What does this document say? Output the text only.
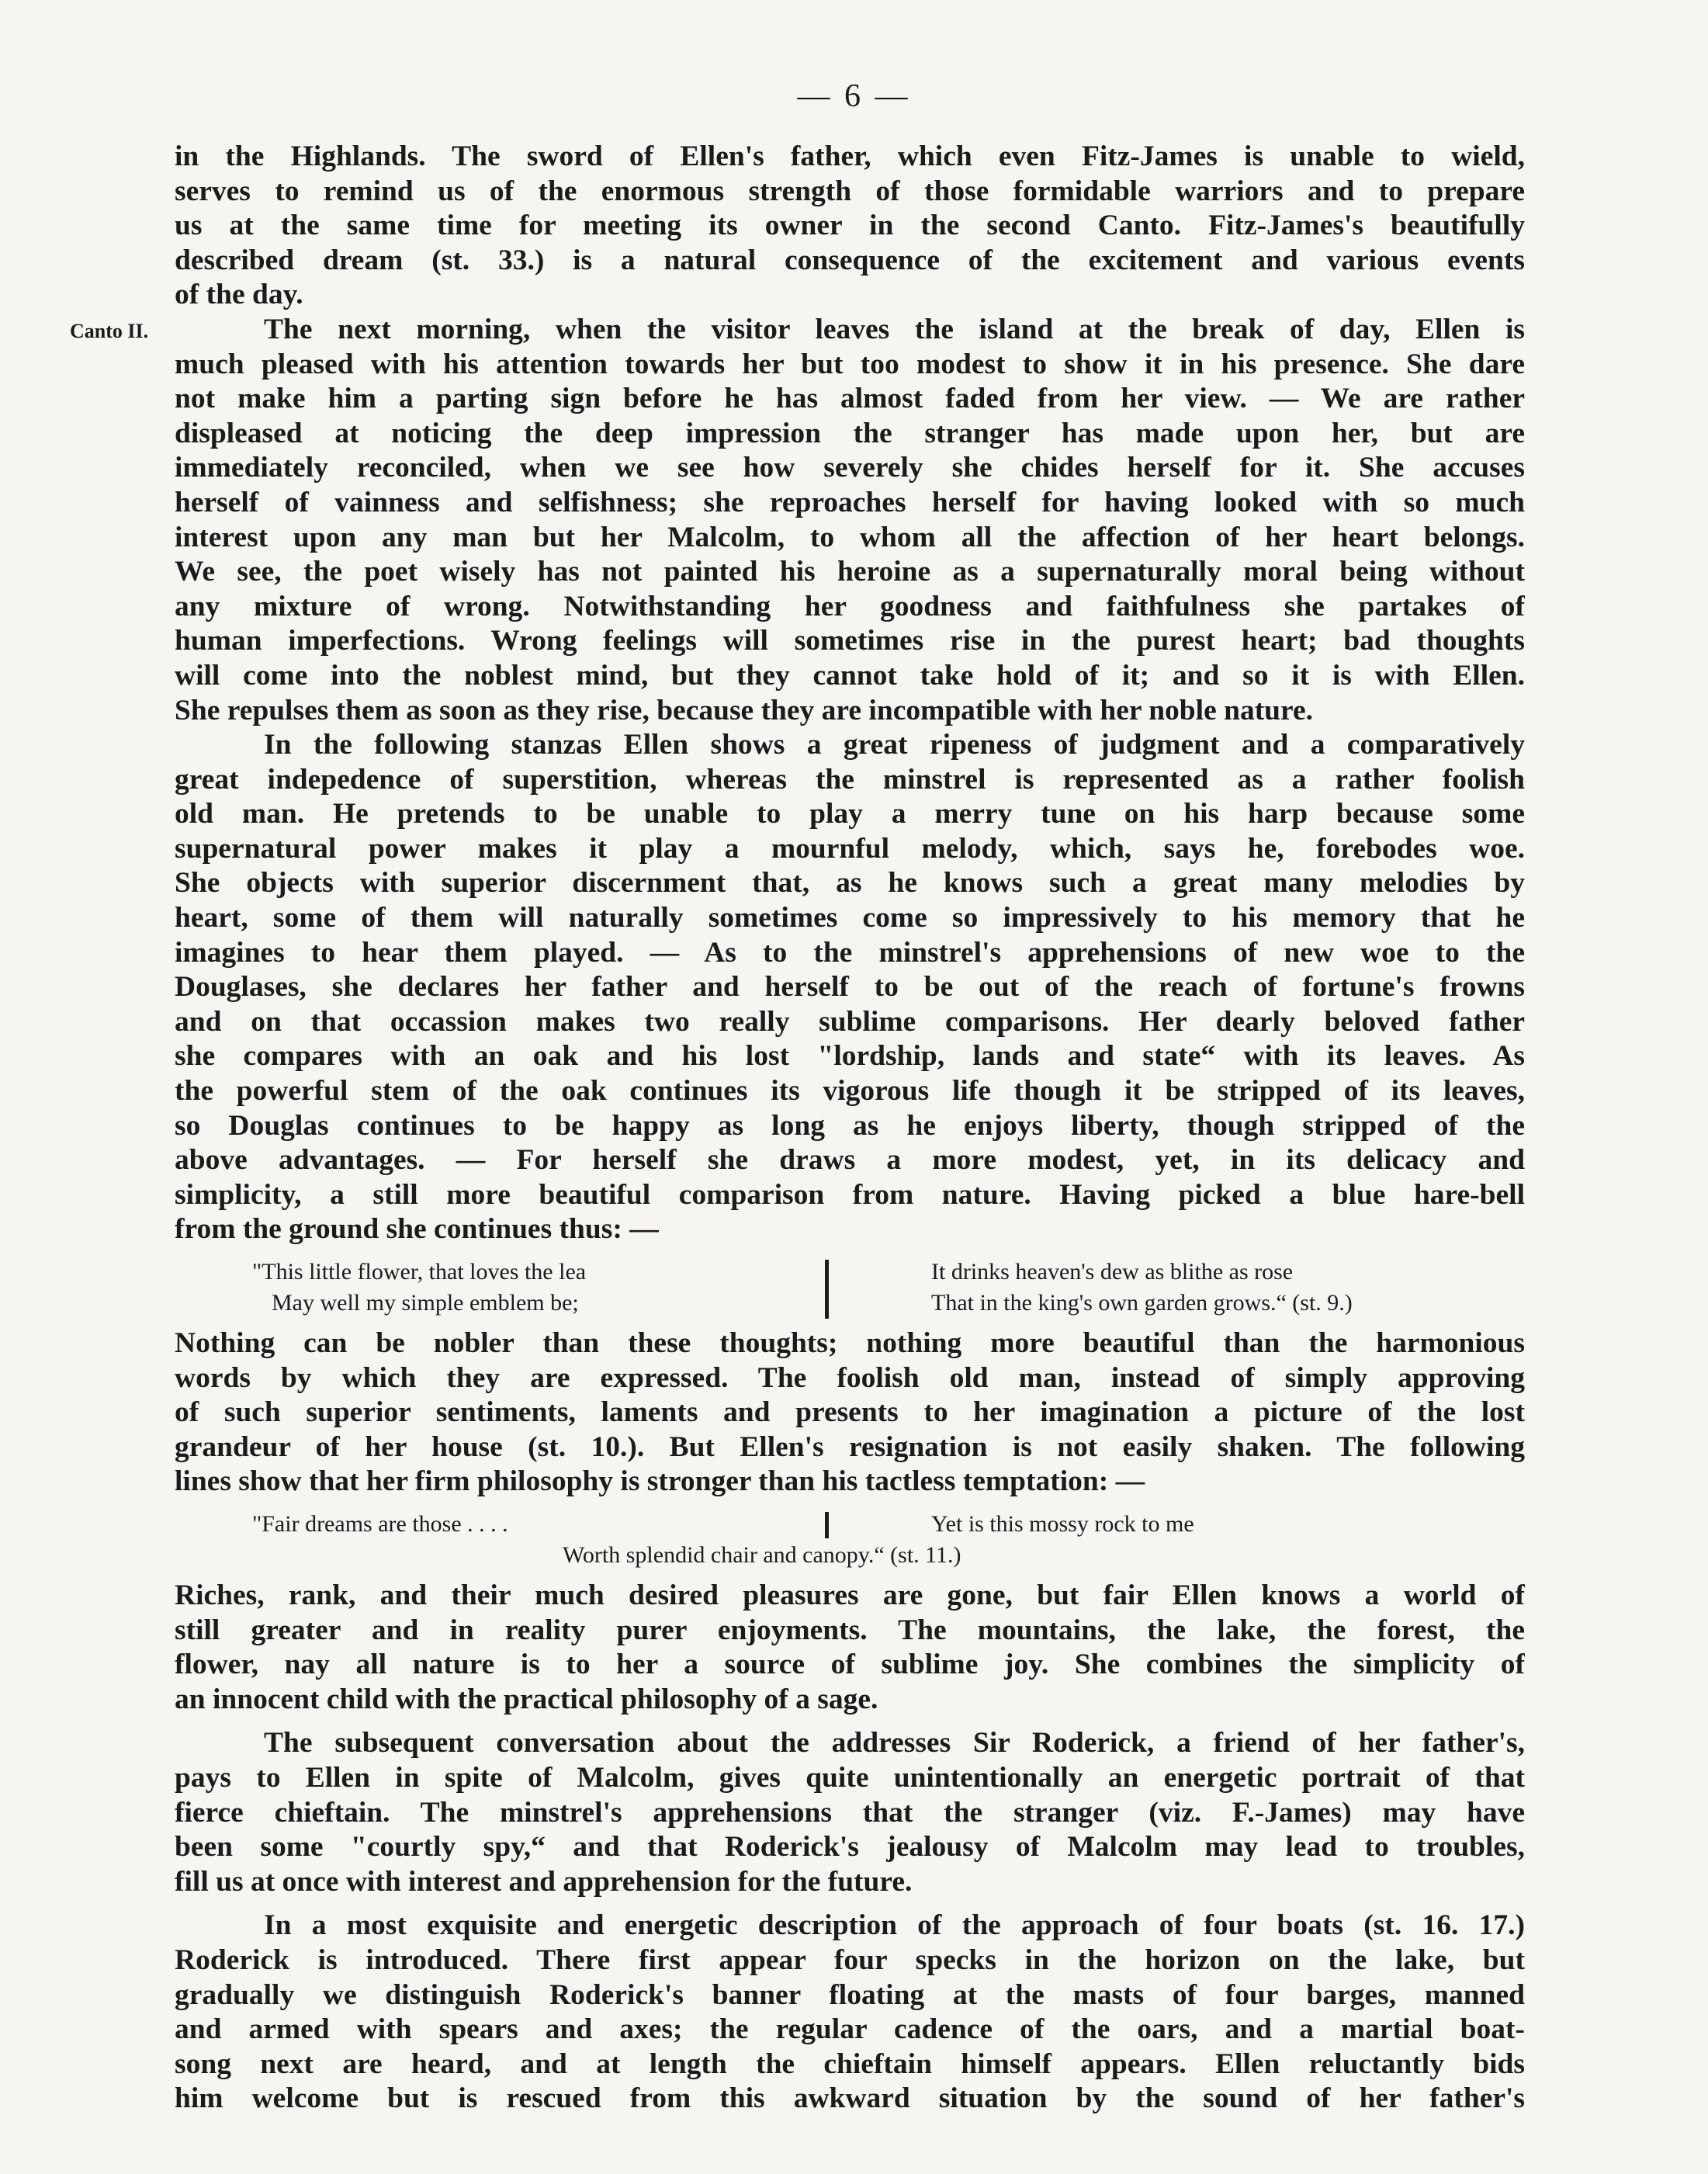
— 6 —
Canto II.
in the Highlands. The sword of Ellen's father, which even Fitz-James is unable to wield,
serves to remind us of the enormous strength of those formidable warriors and to prepare
us at the same time for meeting its owner in the second Canto. Fitz-James's beautifully
described dream (st. 33.) is a natural consequence of the excitement and various events
of the day.
The next morning, when the visitor leaves the island at the break of day, Ellen is
much pleased with his attention towards her but too modest to show it in his presence. She dare
not make him a parting sign before he has almost faded from her view. — We are rather
displeased at noticing the deep impression the stranger has made upon her, but are
immediately reconciled, when we see how severely she chides herself for it. She accuses
herself of vainness and selfishness; she reproaches herself for having looked with so much
interest upon any man but her Malcolm, to whom all the affection of her heart belongs.
We see, the poet wisely has not painted his heroine as a supernaturally moral being without
any mixture of wrong. Notwithstanding her goodness and faithfulness she partakes of
human imperfections. Wrong feelings will sometimes rise in the purest heart; bad thoughts
will come into the noblest mind, but they cannot take hold of it; and so it is with Ellen.
She repulses them as soon as they rise, because they are incompatible with her noble nature.
In the following stanzas Ellen shows a great ripeness of judgment and a comparatively
great indepedence of superstition, whereas the minstrel is represented as a rather foolish
old man. He pretends to be unable to play a merry tune on his harp because some
supernatural power makes it play a mournful melody, which, says he, forebodes woe.
She objects with superior discernment that, as he knows such a great many melodies by
heart, some of them will naturally sometimes come so impressively to his memory that he
imagines to hear them played. — As to the minstrel's apprehensions of new woe to the
Douglases, she declares her father and herself to be out of the reach of fortune's frowns
and on that occassion makes two really sublime comparisons. Her dearly beloved father
she compares with an oak and his lost "lordship, lands and state“ with its leaves. As
the powerful stem of the oak continues its vigorous life though it be stripped of its leaves,
so Douglas continues to be happy as long as he enjoys liberty, though stripped of the
above advantages. — For herself she draws a more modest, yet, in its delicacy and
simplicity, a still more beautiful comparison from nature. Having picked a blue hare-bell
from the ground she continues thus: —
"This little flower, that loves the lea
May well my simple emblem be;
It drinks heaven's dew as blithe as rose
That in the king's own garden grows.“ (st. 9.)
Nothing can be nobler than these thoughts; nothing more beautiful than the harmonious
words by which they are expressed. The foolish old man, instead of simply approving
of such superior sentiments, laments and presents to her imagination a picture of the lost
grandeur of her house (st. 10.). But Ellen's resignation is not easily shaken. The following
lines show that her firm philosophy is stronger than his tactless temptation: —
"Fair dreams are those . . . .	Yet is this mossy rock to me
Worth splendid chair and canopy.“ (st. 11.)
Riches, rank, and their much desired pleasures are gone, but fair Ellen knows a world of
still greater and in reality purer enjoyments. The mountains, the lake, the forest, the
flower, nay all nature is to her a source of sublime joy. She combines the simplicity of
an innocent child with the practical philosophy of a sage.
The subsequent conversation about the addresses Sir Roderick, a friend of her father's,
pays to Ellen in spite of Malcolm, gives quite unintentionally an energetic portrait of that
fierce chieftain. The minstrel's apprehensions that the stranger (viz. F.-James) may have
been some "courtly spy,“ and that Roderick's jealousy of Malcolm may lead to troubles,
fill us at once with interest and apprehension for the future.
In a most exquisite and energetic description of the approach of four boats (st. 16. 17.)
Roderick is introduced. There first appear four specks in the horizon on the lake, but
gradually we distinguish Roderick's banner floating at the masts of four barges, manned
and armed with spears and axes; the regular cadence of the oars, and a martial boat-
song next are heard, and at length the chieftain himself appears. Ellen reluctantly bids
him welcome but is rescued from this awkward situation by the sound of her father's
